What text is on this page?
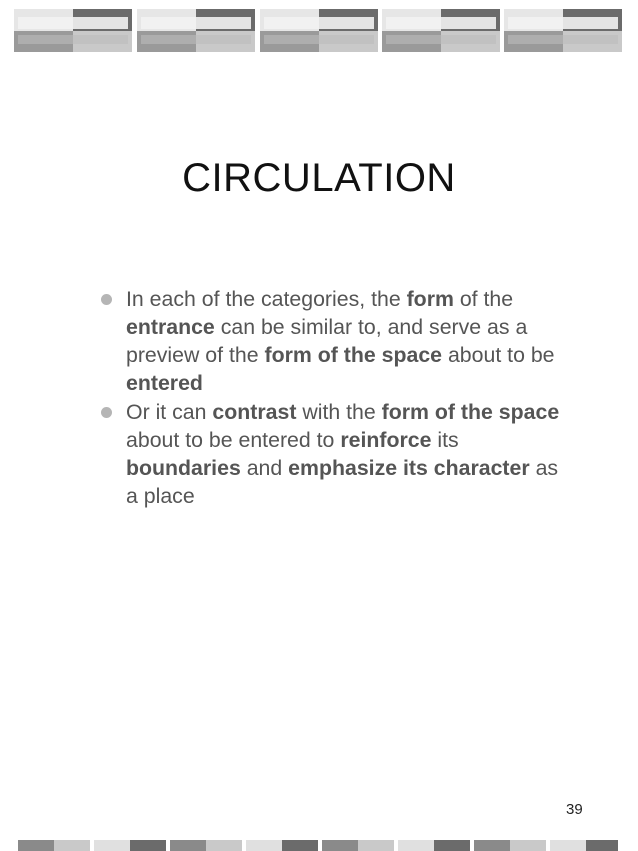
CIRCULATION
In each of the categories, the form of the entrance can be similar to, and serve as a preview of the form of the space about to be entered
Or it can contrast with the form of the space about to be entered to reinforce its boundaries and emphasize its character as a place
39
